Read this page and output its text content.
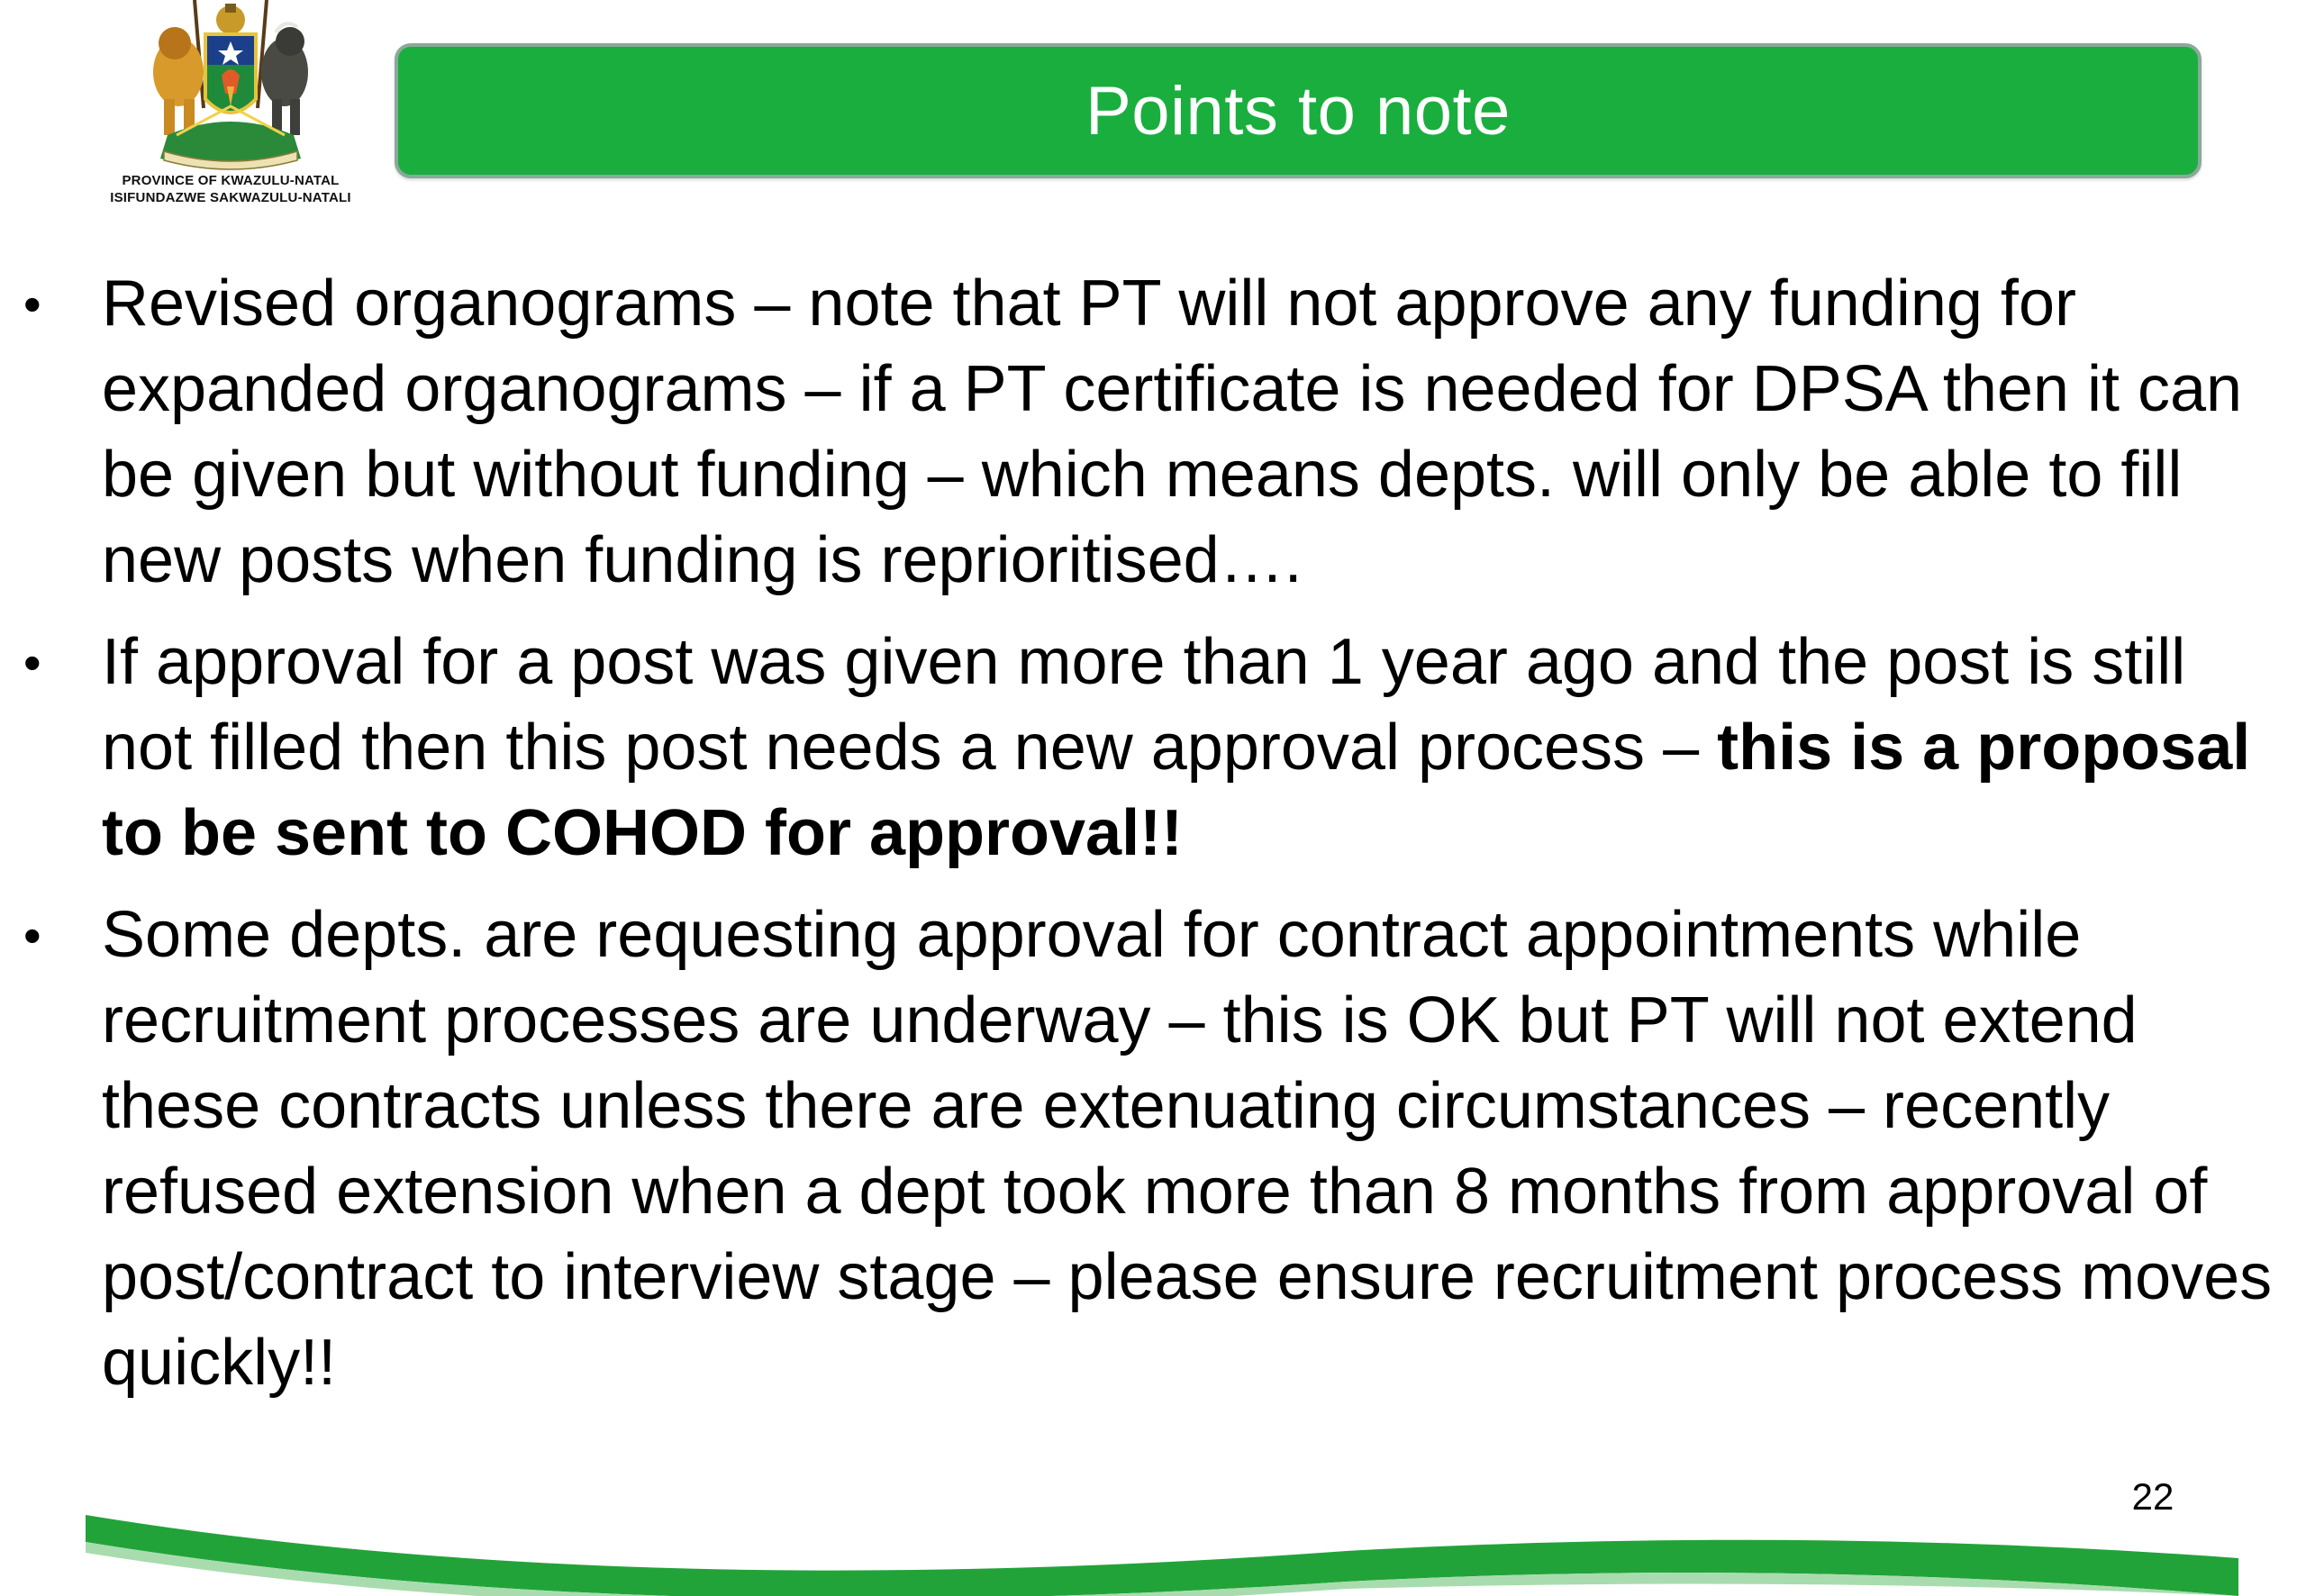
PROVINCE OF KWAZULU-NATAL
ISIFUNDAZWE SAKWAZULU-NATALI
Points to note
• Revised organograms – note that PT will not approve any funding for expanded organograms – if a PT certificate is needed for DPSA then it can be given but without funding – which means depts. will only be able to fill new posts when funding is reprioritised….
• If approval for a post was given more than 1 year ago and the post is still not filled then this post needs a new approval process – this is a proposal to be sent to COHOD for approval!!
• Some depts. are requesting approval for contract appointments while recruitment processes are underway – this is OK but PT will not extend these contracts unless there are extenuating circumstances – recently refused extension when a dept took more than 8 months from approval of post/contract to interview stage – please ensure recruitment process moves quickly!!
22
